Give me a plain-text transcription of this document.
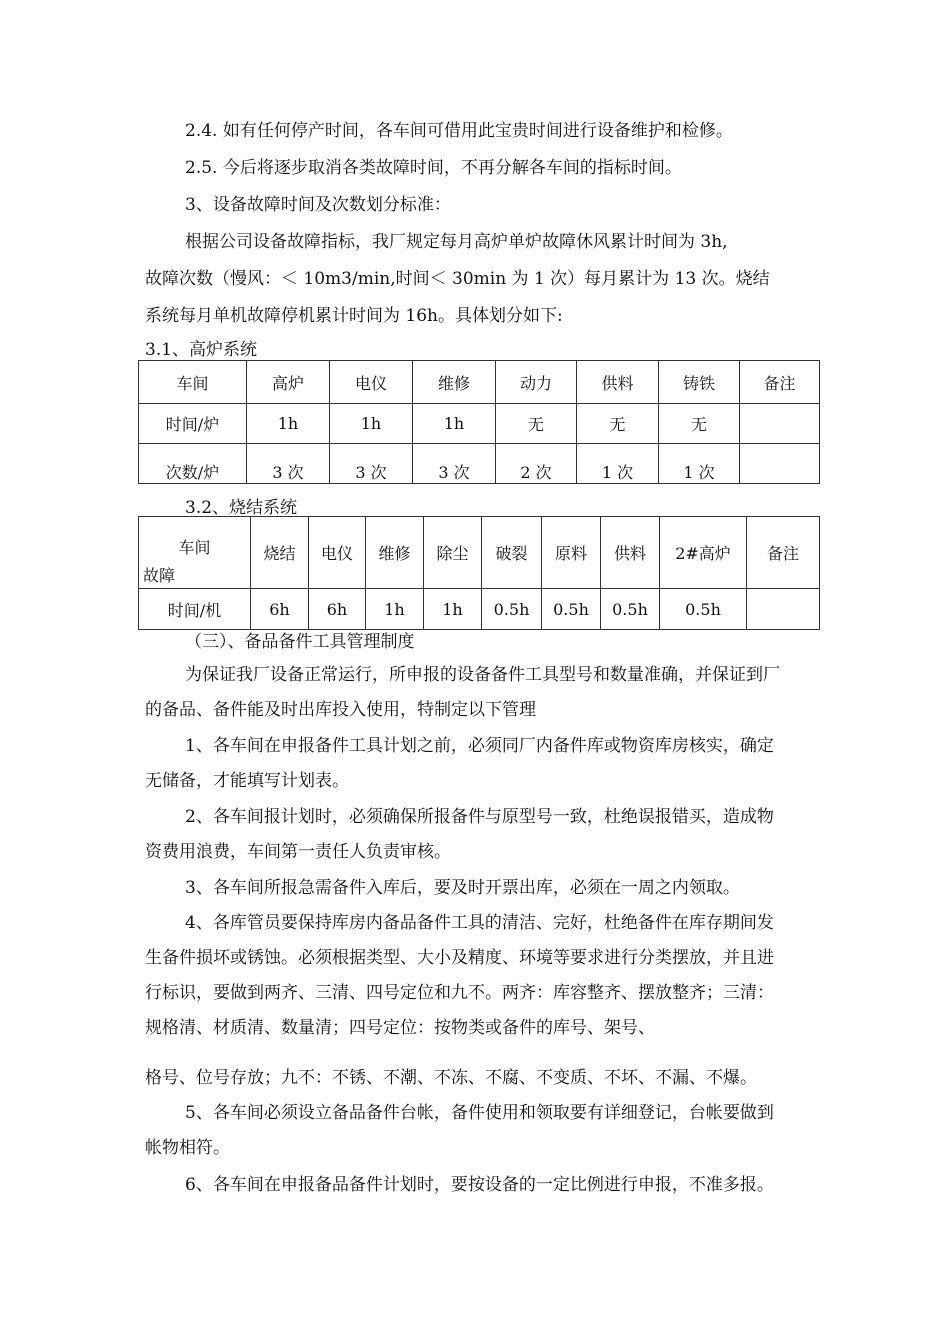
2.4. 如有任何停产时间，各车间可借用此宝贵时间进行设备维护和检修。
2.5. 今后将逐步取消各类故障时间，不再分解各车间的指标时间。
3、设备故障时间及次数划分标准：
根据公司设备故障指标，我厂规定每月高炉单炉故障休风累计时间为 3h,
故障次数（慢风：＜ 10m3/min,时间＜ 30min 为 1 次）每月累计为 13 次。烧结
系统每月单机故障停机累计时间为 16h。具体划分如下:
3.1、高炉系统
车间	高炉	电仪	维修	动力	供料	铸铁	备注
时间/炉	1h	1h	1h	无	无	无	
次数/炉	3 次	3 次	3 次	2 次	1 次	1 次	
3.2、烧结系统
车间
故障	烧结	电仪	维修	除尘	破裂	原料	供料	2#高炉	备注
时间/机	6h	6h	1h	1h	0.5h	0.5h	0.5h	0.5h	
（三）、备品备件工具管理制度
为保证我厂设备正常运行，所申报的设备备件工具型号和数量准确，并保证到厂
的备品、备件能及时出库投入使用，特制定以下管理
1、各车间在申报备件工具计划之前，必须同厂内备件库或物资库房核实，确定
无储备，才能填写计划表。
2、各车间报计划时，必须确保所报备件与原型号一致，杜绝误报错买，造成物
资费用浪费，车间第一责任人负责审核。
3、各车间所报急需备件入库后，要及时开票出库，必须在一周之内领取。
4、各库管员要保持库房内备品备件工具的清洁、完好，杜绝备件在库存期间发
生备件损坏或锈蚀。必须根据类型、大小及精度、环境等要求进行分类摆放，并且进
行标识，要做到两齐、三清、四号定位和九不。两齐：库容整齐、摆放整齐；三清：
规格清、材质清、数量清；四号定位：按物类或备件的库号、架号、
格号、位号存放；九不：不锈、不潮、不冻、不腐、不变质、不坏、不漏、不爆。
5、各车间必须设立备品备件台帐，备件使用和领取要有详细登记，台帐要做到
帐物相符。
6、各车间在申报备品备件计划时，要按设备的一定比例进行申报，不准多报。
